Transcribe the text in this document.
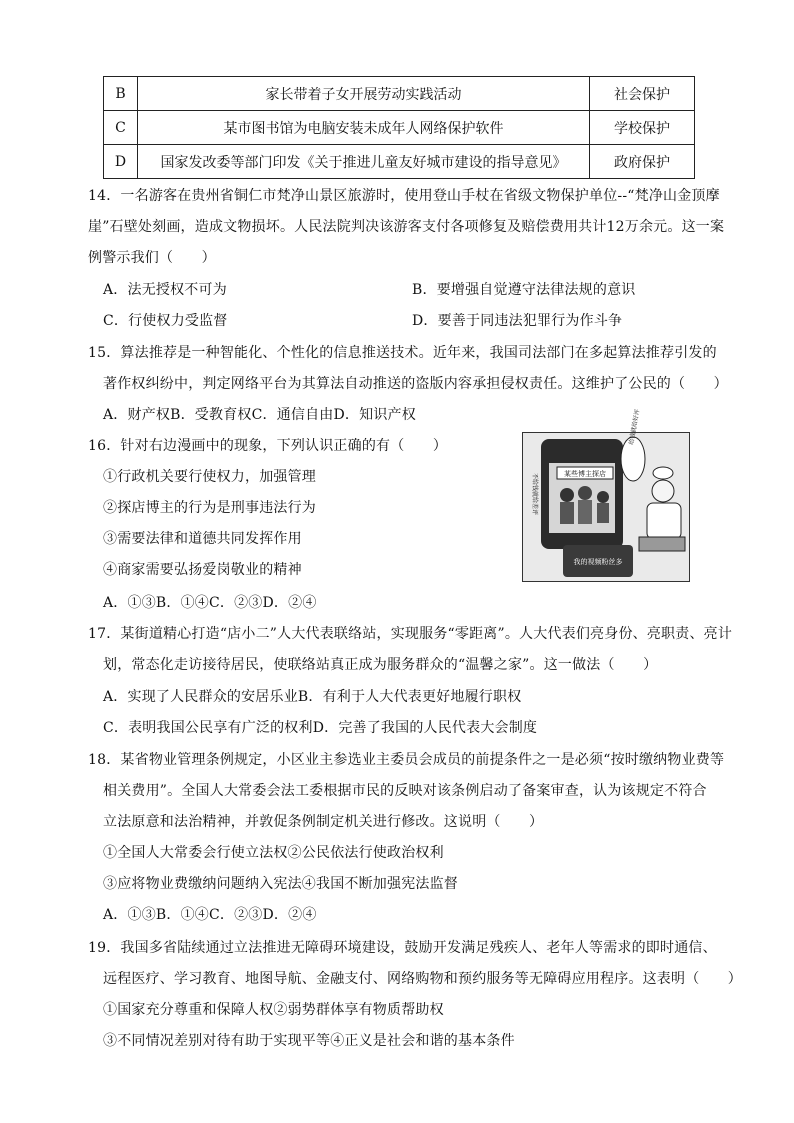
B	家长带着子女开展劳动实践活动	社会保护
C	某市图书馆为电脑安装未成年人网络保护软件	学校保护
D	国家发改委等部门印发《关于推进儿童友好城市建设的指导意见》	政府保护
14．一名游客在贵州省铜仁市梵净山景区旅游时，使用登山手杖在省级文物保护单位--“梵净山金顶摩
崖”石壁处刻画，造成文物损坏。人民法院判决该游客支付各项修复及赔偿费用共计12万余元。这一案
例警示我们（　　）
A．法无授权不可为	B．要增强自觉遵守法律法规的意识
C．行使权力受监督	D．要善于同违法犯罪行为作斗争
15．算法推荐是一种智能化、个性化的信息推送技术。近年来，我国司法部门在多起算法推荐引发的
著作权纠纷中，判定网络平台为其算法自动推送的盗版内容承担侵权责任。这维护了公民的（　　）
A．财产权B．受教育权C．通信自由D．知识产权
16．针对右边漫画中的现象，下列认识正确的有（　　）
①行政机关要行使权力，加强管理
②探店博主的行为是刑事违法行为
③需要法律和道德共同发挥作用
④商家需要弘扬爱岗敬业的精神
A．①③B．①④C．②③D．②④
某些博主探店
不给钱就给差评
给钱就给好评
我的视频粉丝多
17．某街道精心打造“店小二”人大代表联络站，实现服务“零距离”。人大代表们亮身份、亮职责、亮计
划，常态化走访接待居民，使联络站真正成为服务群众的“温馨之家”。这一做法（　　）
A．实现了人民群众的安居乐业B．有利于人大代表更好地履行职权
C．表明我国公民享有广泛的权利D．完善了我国的人民代表大会制度
18．某省物业管理条例规定，小区业主参选业主委员会成员的前提条件之一是必须“按时缴纳物业费等
相关费用”。全国人大常委会法工委根据市民的反映对该条例启动了备案审查，认为该规定不符合
立法原意和法治精神，并敦促条例制定机关进行修改。这说明（　　）
①全国人大常委会行使立法权②公民依法行使政治权利
③应将物业费缴纳问题纳入宪法④我国不断加强宪法监督
A．①③B．①④C．②③D．②④
19．我国多省陆续通过立法推进无障碍环境建设，鼓励开发满足残疾人、老年人等需求的即时通信、
远程医疗、学习教育、地图导航、金融支付、网络购物和预约服务等无障碍应用程序。这表明（　　）
①国家充分尊重和保障人权②弱势群体享有物质帮助权
③不同情况差别对待有助于实现平等④正义是社会和谐的基本条件
